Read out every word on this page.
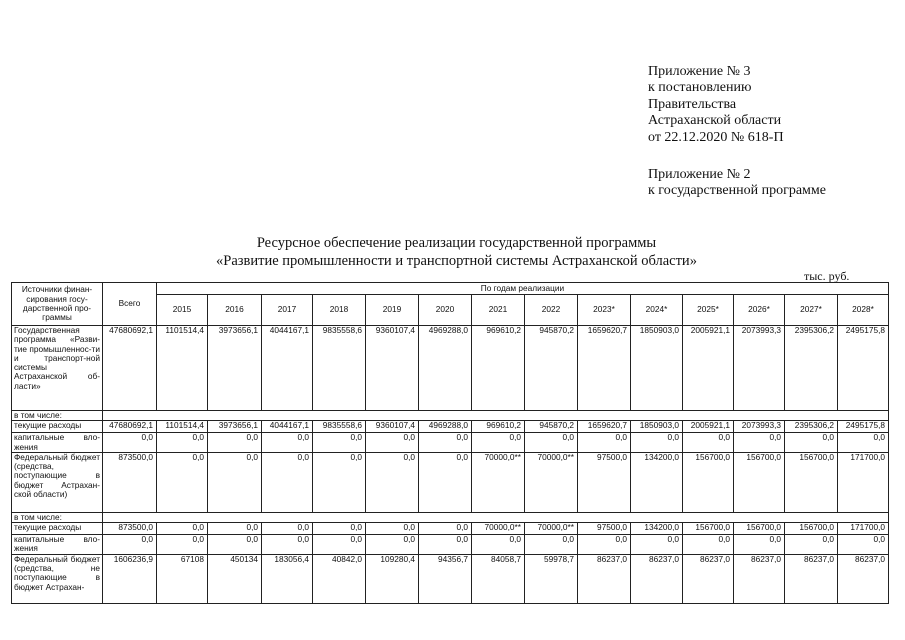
Приложение № 3
к постановлению
Правительства
Астраханской области
от 22.12.2020 № 618-П
Приложение № 2
к государственной программе
Ресурсное обеспечение реализации государственной программы
«Развитие промышленности и транспортной системы Астраханской области»
тыс. руб.
Источники финан-сирования госу-дарственной про-граммы	Всего	По годам реализации													
		2015	2016	2017	2018	2019	2020	2021	2022	2023*	2024*	2025*	2026*	2027*	2028*
Государственная программа «Разви-тие промышленнос-ти и транспорт-ной системы Астраханской об-ласти»	47680692,1	1101514,4	3973656,1	4044167,1	9835558,6	9360107,4	4969288,0	969610,2	945870,2	1659620,7	1850903,0	2005921,1	2073993,3	2395306,2	2495175,8
в том числе:															
текущие расходы	47680692,1	1101514,4	3973656,1	4044167,1	9835558,6	9360107,4	4969288,0	969610,2	945870,2	1659620,7	1850903,0	2005921,1	2073993,3	2395306,2	2495175,8
капитальные вло-жения	0,0	0,0	0,0	0,0	0,0	0,0	0,0	0,0	0,0	0,0	0,0	0,0	0,0	0,0	0,0
Федеральный бюджет (средства, поступающие в бюджет Астрахан-ской области)	873500,0	0,0	0,0	0,0	0,0	0,0	0,0	70000,0**	70000,0**	97500,0	134200,0	156700,0	156700,0	156700,0	171700,0
в том числе:															
текущие расходы	873500,0	0,0	0,0	0,0	0,0	0,0	0,0	70000,0**	70000,0**	97500,0	134200,0	156700,0	156700,0	156700,0	171700,0
капитальные вло-жения	0,0	0,0	0,0	0,0	0,0	0,0	0,0	0,0	0,0	0,0	0,0	0,0	0,0	0,0	0,0
Федеральный бюджет (средства, не поступающие в бюджет Астрахан-	1606236,9	67108	450134	183056,4	40842,0	109280,4	94356,7	84058,7	59978,7	86237,0	86237,0	86237,0	86237,0	86237,0	86237,0
